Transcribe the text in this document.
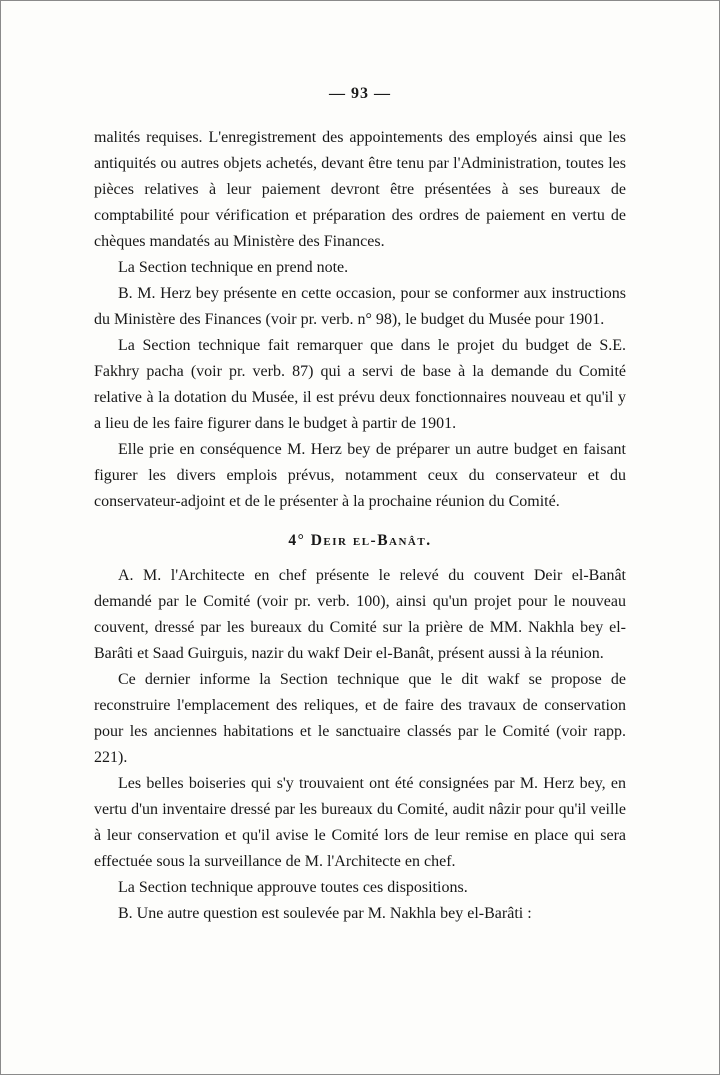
— 93 —

malités requises. L'enregistrement des appointements des employés ainsi que les antiquités ou autres objets achetés, devant être tenu par l'Administration, toutes les pièces relatives à leur paiement devront être présentées à ses bureaux de comptabilité pour vérification et préparation des ordres de paiement en vertu de chèques mandatés au Ministère des Finances.

La Section technique en prend note.

B. M. Herz bey présente en cette occasion, pour se conformer aux instructions du Ministère des Finances (voir pr. verb. n° 98), le budget du Musée pour 1901.

La Section technique fait remarquer que dans le projet du budget de S.E. Fakhry pacha (voir pr. verb. 87) qui a servi de base à la demande du Comité relative à la dotation du Musée, il est prévu deux fonctionnaires nouveau et qu'il y a lieu de les faire figurer dans le budget à partir de 1901.

Elle prie en conséquence M. Herz bey de préparer un autre budget en faisant figurer les divers emplois prévus, notamment ceux du conservateur et du conservateur-adjoint et de le présenter à la prochaine réunion du Comité.

4° Deir el-Banât.

A. M. l'Architecte en chef présente le relevé du couvent Deir el-Banât demandé par le Comité (voir pr. verb. 100), ainsi qu'un projet pour le nouveau couvent, dressé par les bureaux du Comité sur la prière de MM. Nakhla bey el-Barâti et Saad Guirguis, nazir du wakf Deir el-Banât, présent aussi à la réunion.

Ce dernier informe la Section technique que le dit wakf se propose de reconstruire l'emplacement des reliques, et de faire des travaux de conservation pour les anciennes habitations et le sanctuaire classés par le Comité (voir rapp. 221).

Les belles boiseries qui s'y trouvaient ont été consignées par M. Herz bey, en vertu d'un inventaire dressé par les bureaux du Comité, audit nâzir pour qu'il veille à leur conservation et qu'il avise le Comité lors de leur remise en place qui sera effectuée sous la surveillance de M. l'Architecte en chef.

La Section technique approuve toutes ces dispositions.

B. Une autre question est soulevée par M. Nakhla bey el-Barâti :
